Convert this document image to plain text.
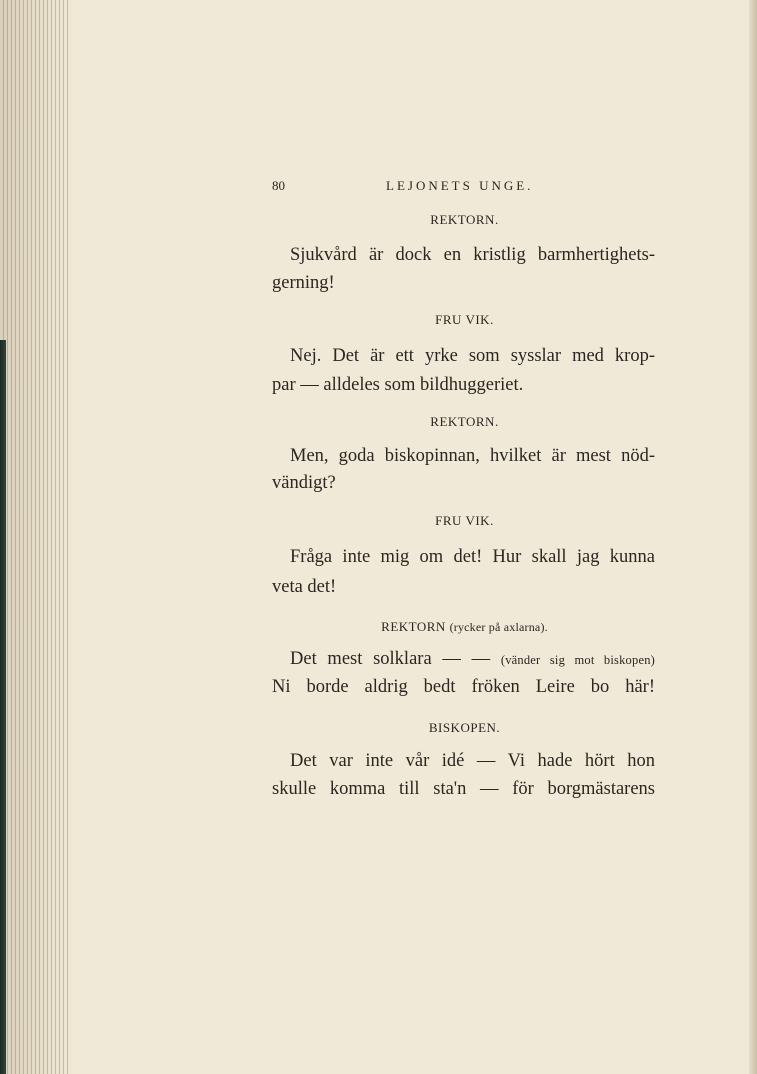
80	LEJONETS UNGE.
REKTORN.
Sjukvård är dock en kristlig barmhertighets-
gerning!
FRU VIK.
Nej. Det är ett yrke som sysslar med krop-
par — alldeles som bildhuggeriet.
REKTORN.
Men, goda biskopinnan, hvilket är mest nöd-
vändigt?
FRU VIK.
Fråga inte mig om det! Hur skall jag kunna
veta det!
REKTORN (rycker på axlarna).
Det mest solklara — — (vänder sig mot biskopen)
Ni borde aldrig bedt fröken Leire bo här!
BISKOPEN.
Det var inte vår idé — Vi hade hört hon
skulle komma till sta'n — för borgmästarens
